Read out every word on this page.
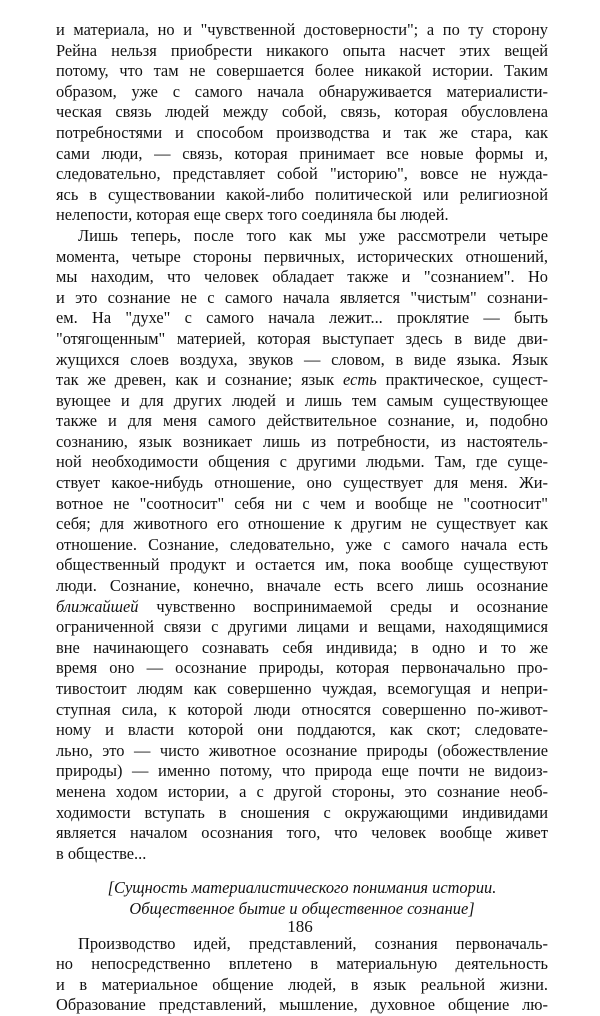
и материала, но и "чувственной достоверности"; а по ту сторону
Рейна нельзя приобрести никакого опыта насчет этих вещей
потому, что там не совершается более никакой истории. Таким
образом, уже с самого начала обнаруживается материалисти-
ческая связь людей между собой, связь, которая обусловлена
потребностями и способом производства и так же стара, как
сами люди, — связь, которая принимает все новые формы и,
следовательно, представляет собой "историю", вовсе не нужда-
ясь в существовании какой-либо политической или религиозной
нелепости, которая еще сверх того соединяла бы людей.
Лишь теперь, после того как мы уже рассмотрели четыре
момента, четыре стороны первичных, исторических отношений,
мы находим, что человек обладает также и "сознанием". Но
и это сознание не с самого начала является "чистым" сознани-
ем. На "духе" с самого начала лежит... проклятие — быть
"отягощенным" материей, которая выступает здесь в виде дви-
жущихся слоев воздуха, звуков — словом, в виде языка. Язык
так же древен, как и сознание; язык есть практическое, сущест-
вующее и для других людей и лишь тем самым существующее
также и для меня самого действительное сознание, и, подобно
сознанию, язык возникает лишь из потребности, из настоятель-
ной необходимости общения с другими людьми. Там, где суще-
ствует какое-нибудь отношение, оно существует для меня. Жи-
вотное не "соотносит" себя ни с чем и вообще не "соотносит"
себя; для животного его отношение к другим не существует как
отношение. Сознание, следовательно, уже с самого начала есть
общественный продукт и остается им, пока вообще существуют
люди. Сознание, конечно, вначале есть всего лишь осознание
ближайшей чувственно воспринимаемой среды и осознание
ограниченной связи с другими лицами и вещами, находящимися
вне начинающего сознавать себя индивида; в одно и то же
время оно — осознание природы, которая первоначально про-
тивостоит людям как совершенно чуждая, всемогущая и непри-
ступная сила, к которой люди относятся совершенно по-живот-
ному и власти которой они поддаются, как скот; следовате-
льно, это — чисто животное осознание природы (обожествление
природы) — именно потому, что природа еще почти не видоиз-
менена ходом истории, а с другой стороны, это сознание необ-
ходимости вступать в сношения с окружающими индивидами
является началом осознания того, что человек вообще живет
в обществе...
[Сущность материалистического понимания истории.
Общественное бытие и общественное сознание]
Производство идей, представлений, сознания первоначаль-
но непосредственно вплетено в материальную деятельность
и в материальное общение людей, в язык реальной жизни.
Образование представлений, мышление, духовное общение лю-
186
